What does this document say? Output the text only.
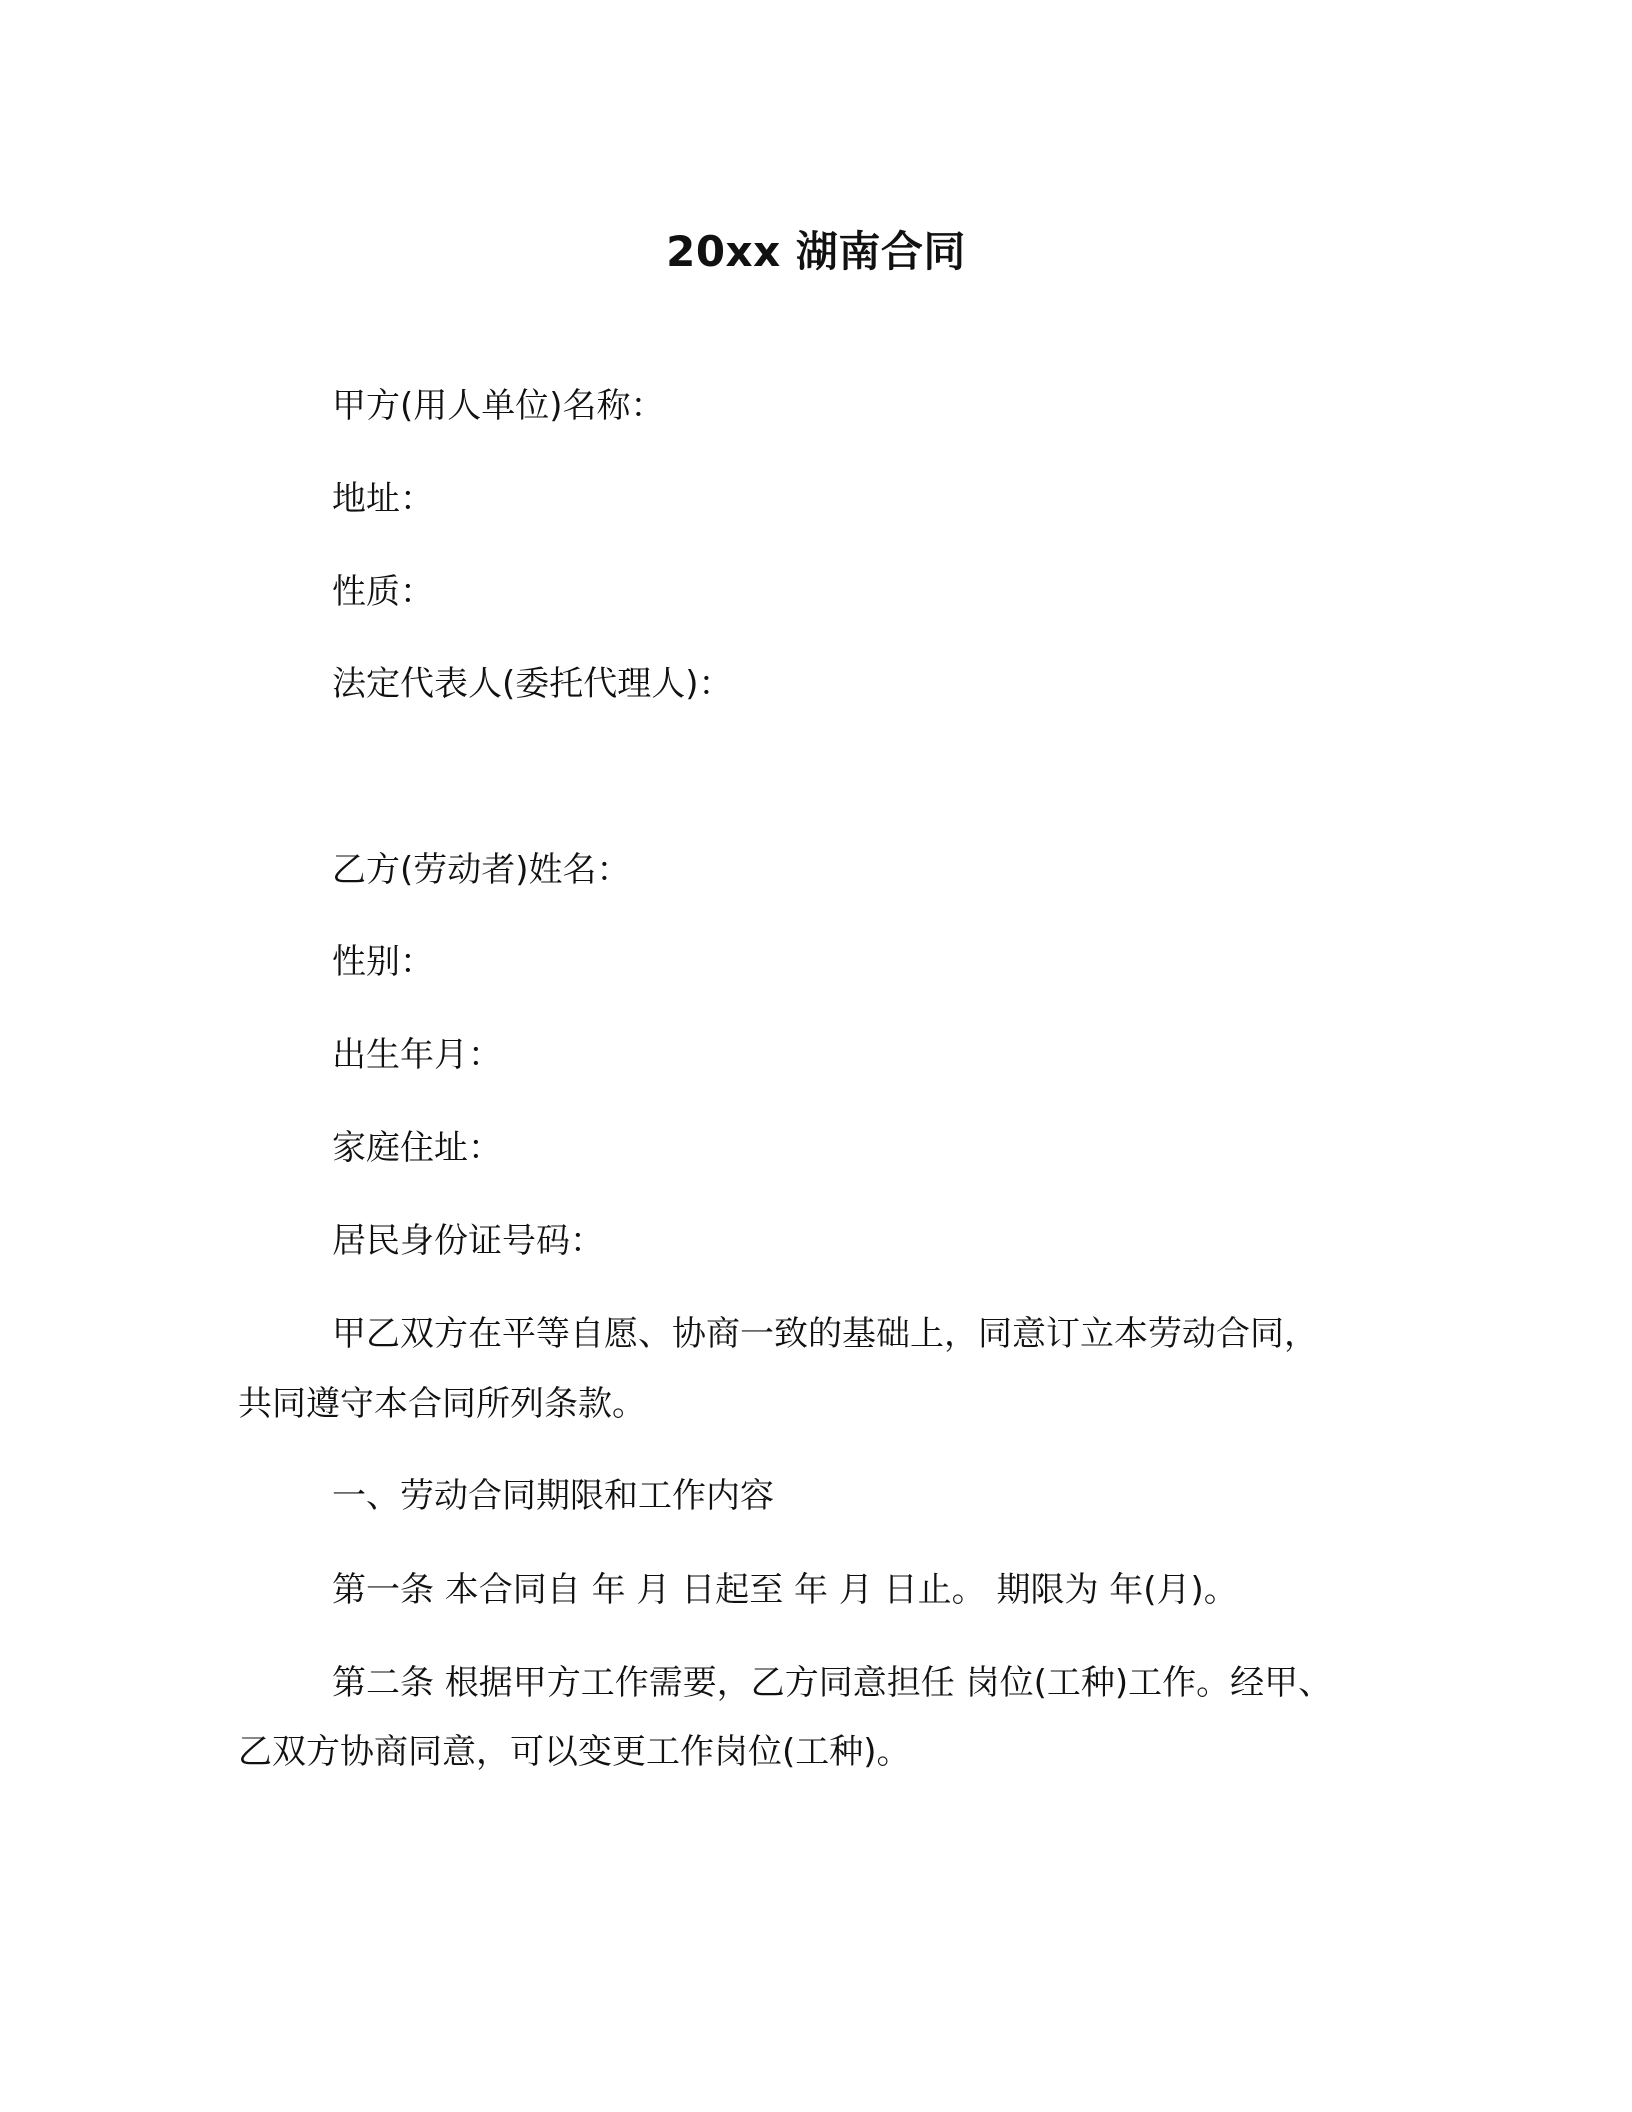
20xx 湖南合同
甲方(用人单位)名称：
地址：
性质：
法定代表人(委托代理人)：
乙方(劳动者)姓名：
性别：
出生年月：
家庭住址：
居民身份证号码：
甲乙双方在平等自愿、协商一致的基础上，同意订立本劳动合同，
共同遵守本合同所列条款。
一、劳动合同期限和工作内容
第一条 本合同自 年 月 日起至 年 月 日止。 期限为 年(月)。
第二条 根据甲方工作需要，乙方同意担任 岗位(工种)工作。经甲、
乙双方协商同意，可以变更工作岗位(工种)。
